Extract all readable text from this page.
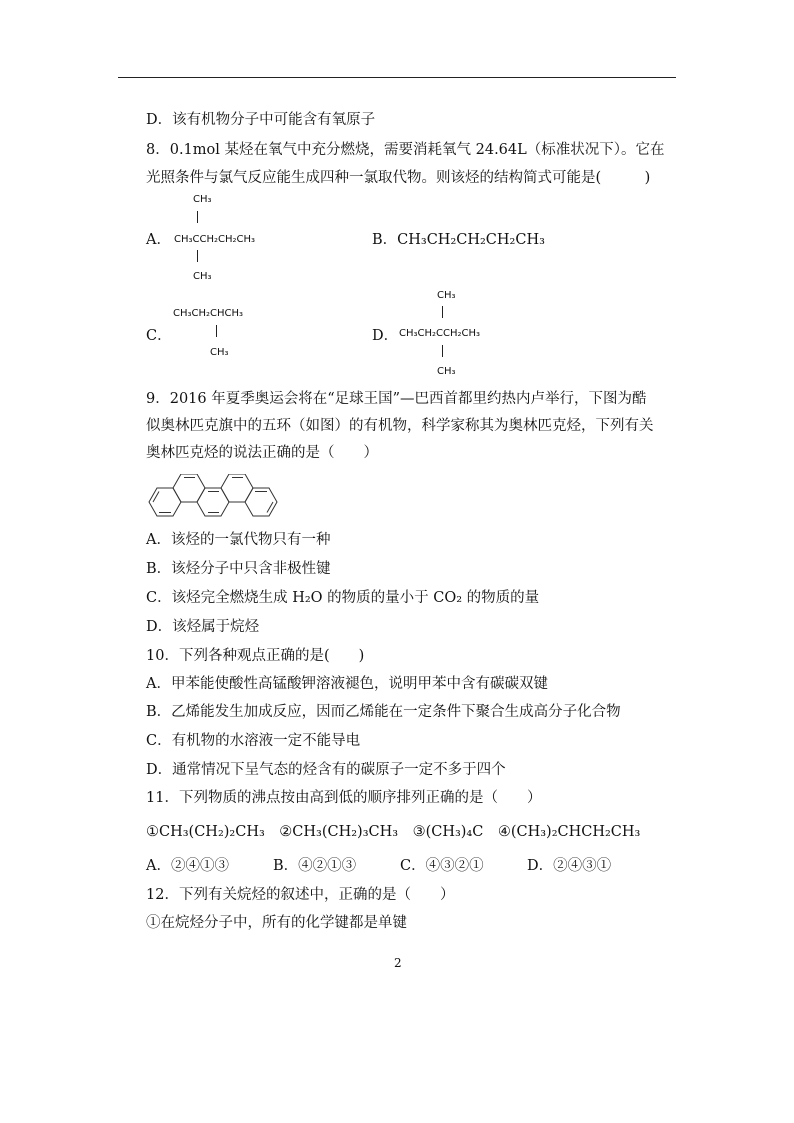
D．该有机物分子中可能含有氧原子
8．0.1mol 某烃在氧气中充分燃烧，需要消耗氧气 24.64L（标准状况下）。它在
光照条件与氯气反应能生成四种一氯取代物。则该烃的结构简式可能是(　　　)
CH₃
A． CH₃CCH₂CH₂CH₃
CH₃
B．CH₃CH₂CH₂CH₂CH₃
CH₃CH₂CHCH₃
C．
CH₃
CH₃
D． CH₃CH₂CCH₂CH₃
CH₃
9．2016 年夏季奥运会将在“足球王国”—巴西首都里约热内卢举行，下图为酷
似奥林匹克旗中的五环（如图）的有机物，科学家称其为奥林匹克烃，下列有关
奥林匹克烃的说法正确的是（　　）
A．该烃的一氯代物只有一种
B．该烃分子中只含非极性键
C．该烃完全燃烧生成 H₂O 的物质的量小于 CO₂ 的物质的量
D．该烃属于烷烃
10．下列各种观点正确的是(　　)
A．甲苯能使酸性高锰酸钾溶液褪色，说明甲苯中含有碳碳双键
B．乙烯能发生加成反应，因而乙烯能在一定条件下聚合生成高分子化合物
C．有机物的水溶液一定不能导电
D．通常情况下呈气态的烃含有的碳原子一定不多于四个
11．下列物质的沸点按由高到低的顺序排列正确的是（　　）
①CH₃(CH₂)₂CH₃　②CH₃(CH₂)₃CH₃　③(CH₃)₄C　④(CH₃)₂CHCH₂CH₃
A．②④①③	B．④②①③	C．④③②①	D．②④③①
12．下列有关烷烃的叙述中，正确的是（　　）
①在烷烃分子中，所有的化学键都是单键
2
